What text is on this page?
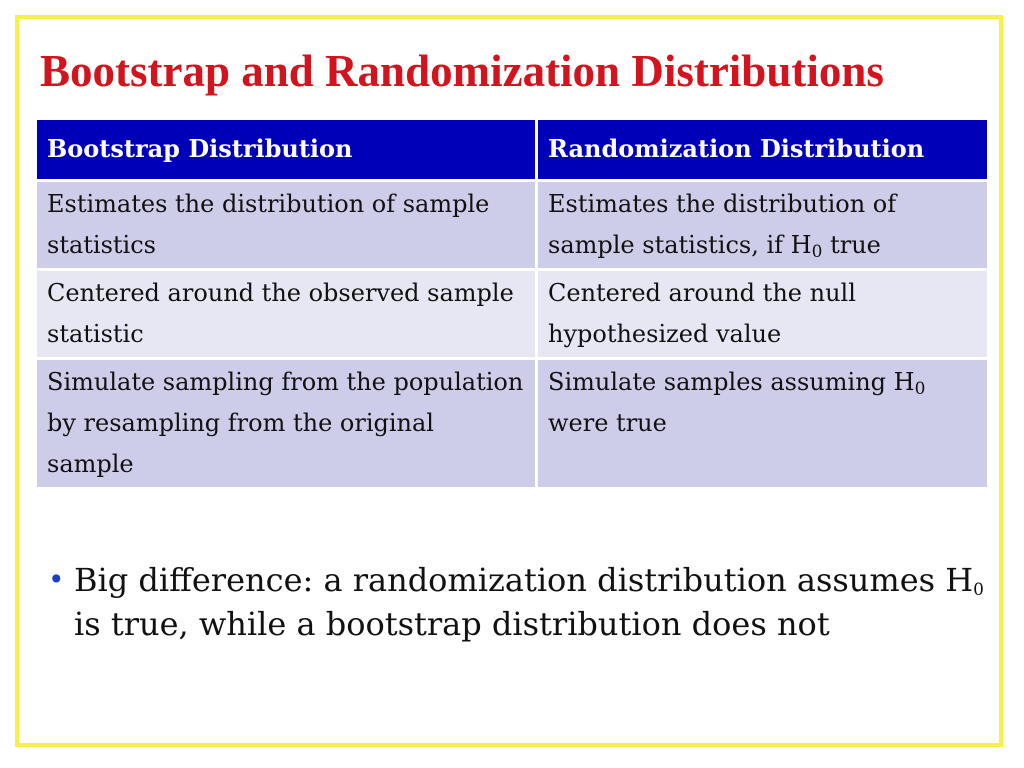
Bootstrap and Randomization Distributions
Bootstrap Distribution	Randomization Distribution
Estimates the distribution of sample statistics	Estimates the distribution of sample statistics, if $H_0$ true
Centered around the observed sample statistic	Centered around the null hypothesized value
Simulate sampling from the population by resampling from the original sample	Simulate samples assuming $H_0$ were true
• Big difference: a randomization distribution assumes $H_0$ is true, while a bootstrap distribution does not
